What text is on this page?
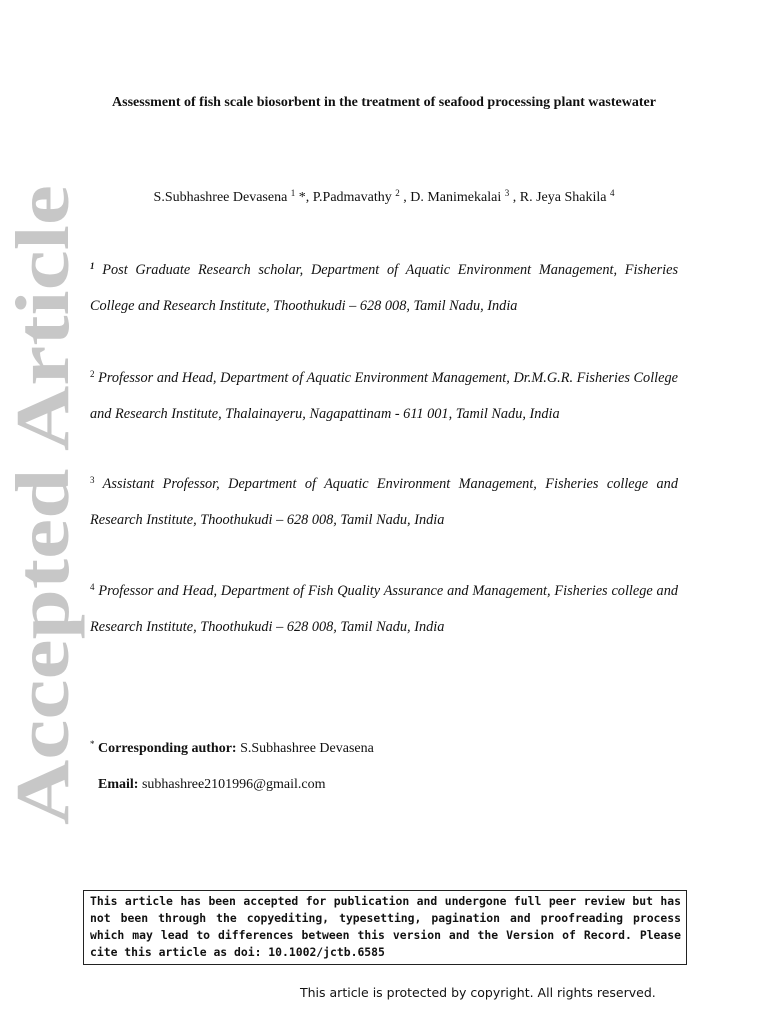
Accepted Article
Assessment of fish scale biosorbent in the treatment of seafood processing plant wastewater
S.Subhashree Devasena $^1$ *, P.Padmavathy $^2$ , D. Manimekalai $^3$ , R. Jeya Shakila $^4$
$^1$ Post Graduate Research scholar, Department of Aquatic Environment Management, Fisheries College and Research Institute, Thoothukudi – 628 008, Tamil Nadu, India
$^2$ Professor and Head, Department of Aquatic Environment Management, Dr.M.G.R. Fisheries College and Research Institute, Thalainayeru, Nagapattinam - 611 001, Tamil Nadu, India
$^3$ Assistant Professor, Department of Aquatic Environment Management, Fisheries college and Research Institute, Thoothukudi – 628 008, Tamil Nadu, India
$^4$ Professor and Head, Department of Fish Quality Assurance and Management, Fisheries college and Research Institute, Thoothukudi – 628 008, Tamil Nadu, India
* Corresponding author: S.Subhashree Devasena
Email: subhashree2101996@gmail.com
This article has been accepted for publication and undergone full peer review but has not been through the copyediting, typesetting, pagination and proofreading process which may lead to differences between this version and the Version of Record. Please cite this article as doi: 10.1002/jctb.6585
This article is protected by copyright. All rights reserved.
